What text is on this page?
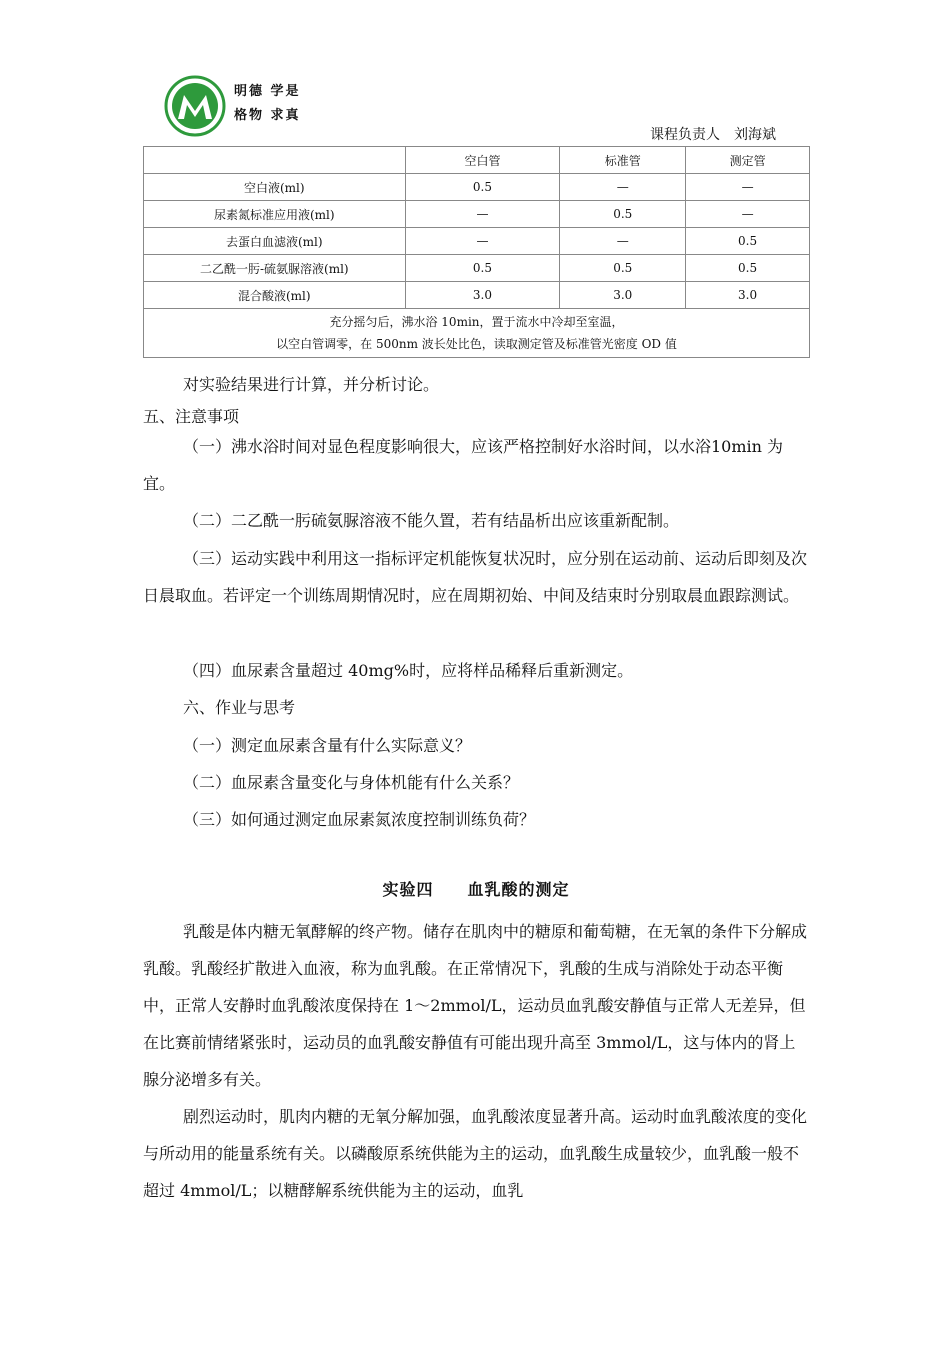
明德 学是
格物 求真
课程负责人　刘海斌
	空白管	标准管	测定管
空白液(ml)	0.5	—	—
尿素氮标准应用液(ml)	—	0.5	—
去蛋白血滤液(ml)	—	—	0.5
二乙酰一肟-硫氨脲溶液(ml)	0.5	0.5	0.5
混合酸液(ml)	3.0	3.0	3.0

充分摇匀后，沸水浴 10min，置于流水中冷却至室温，
以空白管调零，在 500nm 波长处比色，读取测定管及标准管光密度 OD 值			
对实验结果进行计算，并分析讨论。
五、注意事项
（一）沸水浴时间对显色程度影响很大，应该严格控制好水浴时间，以水浴10min 为宜。
（二）二乙酰一肟硫氨脲溶液不能久置，若有结晶析出应该重新配制。
（三）运动实践中利用这一指标评定机能恢复状况时，应分别在运动前、运动后即刻及次日晨取血。若评定一个训练周期情况时，应在周期初始、中间及结束时分别取晨血跟踪测试。
（四）血尿素含量超过 40mg%时，应将样品稀释后重新测定。
六、作业与思考
（一）测定血尿素含量有什么实际意义？
（二）血尿素含量变化与身体机能有什么关系？
（三）如何通过测定血尿素氮浓度控制训练负荷？
实验四　　血乳酸的测定
乳酸是体内糖无氧酵解的终产物。储存在肌肉中的糖原和葡萄糖，在无氧的条件下分解成乳酸。乳酸经扩散进入血液，称为血乳酸。在正常情况下，乳酸的生成与消除处于动态平衡中，正常人安静时血乳酸浓度保持在 1～2mmol/L，运动员血乳酸安静值与正常人无差异，但在比赛前情绪紧张时，运动员的血乳酸安静值有可能出现升高至 3mmol/L，这与体内的肾上腺分泌增多有关。
剧烈运动时，肌肉内糖的无氧分解加强，血乳酸浓度显著升高。运动时血乳酸浓度的变化与所动用的能量系统有关。以磷酸原系统供能为主的运动，血乳酸生成量较少，血乳酸一般不超过 4mmol/L；以糖酵解系统供能为主的运动，血乳
